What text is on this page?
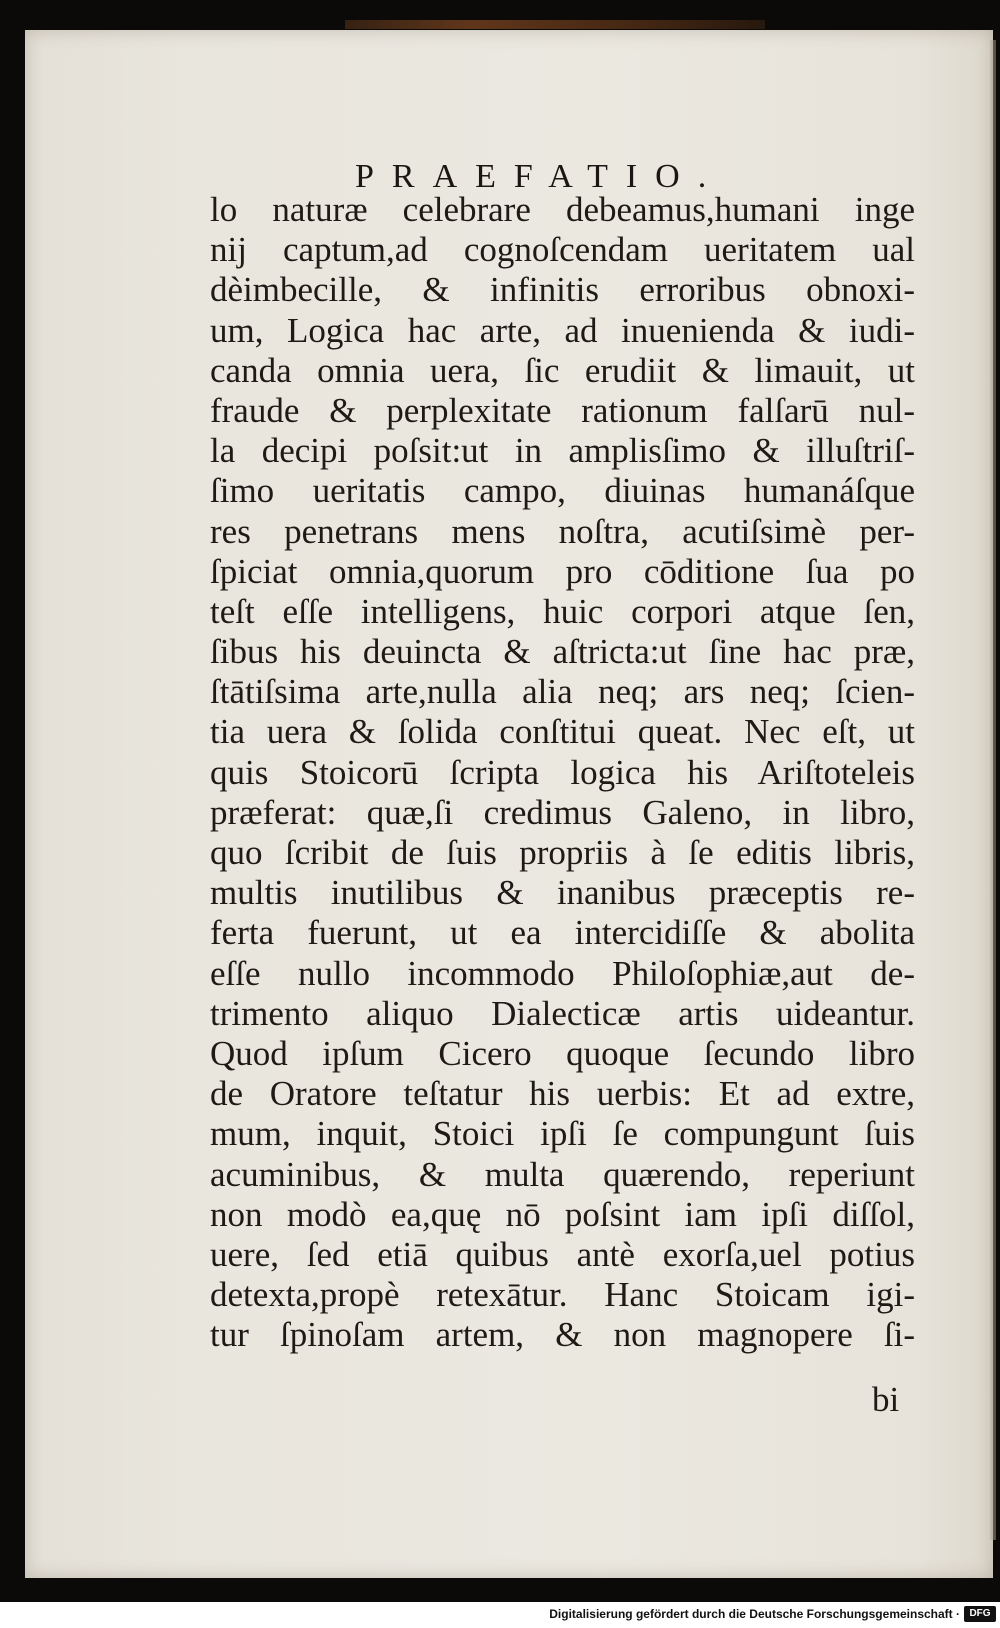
PRAEFATIO.
lo naturæ celebrare debeamus,humani inge
nij captum,ad cognoſcendam ueritatem ual
dèimbecille, & infinitis erroribus obnoxi-
um, Logica hac arte, ad inuenienda & iudi-
canda omnia uera, ſic erudiit & limauit, ut
fraude & perplexitate rationum falſarū nul-
la decipi poſsit:ut in amplisſimo & illuſtriſ-
ſimo ueritatis campo, diuinas humanáſque
res penetrans mens noſtra, acutiſsimè per-
ſpiciat omnia,quorum pro cōditione ſua po
teſt eſſe intelligens, huic corpori atque ſen,
ſibus his deuincta & aſtricta:ut ſine hac præ,
ſtātiſsima arte,nulla alia neq; ars neq; ſcien-
tia uera & ſolida conſtitui queat. Nec eſt, ut
quis Stoicorū ſcripta logica his Ariſtoteleis
præferat: quæ,ſi credimus Galeno, in libro,
quo ſcribit de ſuis propriis à ſe editis libris,
multis inutilibus & inanibus præceptis re-
ferta fuerunt, ut ea intercidiſſe & abolita
eſſe nullo incommodo Philoſophiæ,aut de-
trimento aliquo Dialecticæ artis uideantur.
Quod ipſum Cicero quoque ſecundo libro
de Oratore teſtatur his uerbis: Et ad extre,
mum, inquit, Stoici ipſi ſe compungunt ſuis
acuminibus, & multa quærendo, reperiunt
non modò ea,quę nō poſsint iam ipſi diſſol,
uere, ſed etiā quibus antè exorſa,uel potius
detexta,propè retexātur. Hanc Stoicam igi-
tur ſpinoſam artem, & non magnopere ſi-
bi
Digitalisierung gefördert durch die Deutsche Forschungsgemeinschaft · DFG
